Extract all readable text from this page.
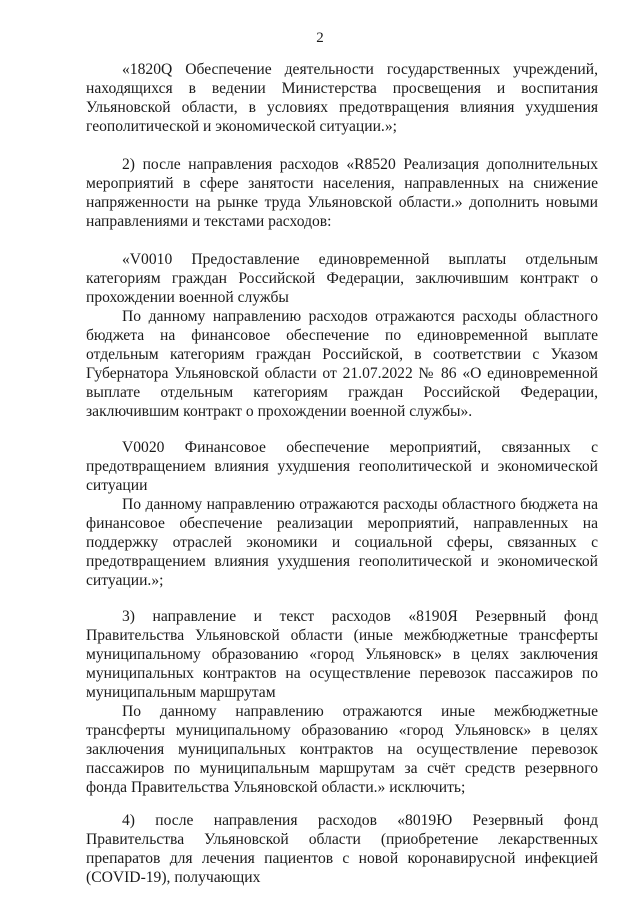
2

«1820Q Обеспечение деятельности государственных учреждений, находящихся в ведении Министерства просвещения и воспитания Ульяновской области, в условиях предотвращения влияния ухудшения геополитической и экономической ситуации.»;

2) после направления расходов «R8520 Реализация дополнительных мероприятий в сфере занятости населения, направленных на снижение напряженности на рынке труда Ульяновской области.» дополнить новыми направлениями и текстами расходов:

«V0010 Предоставление единовременной выплаты отдельным категориям граждан Российской Федерации, заключившим контракт о прохождении военной службы

По данному направлению расходов отражаются расходы областного бюджета на финансовое обеспечение по единовременной выплате отдельным категориям граждан Российской, в соответствии с Указом Губернатора Ульяновской области от 21.07.2022 № 86 «О единовременной выплате отдельным категориям граждан Российской Федерации, заключившим контракт о прохождении военной службы».

V0020 Финансовое обеспечение мероприятий, связанных с предотвращением влияния ухудшения геополитической и экономической ситуации

По данному направлению отражаются расходы областного бюджета на финансовое обеспечение реализации мероприятий, направленных на поддержку отраслей экономики и социальной сферы, связанных с предотвращением влияния ухудшения геополитической и экономической ситуации.»;

3) направление и текст расходов «8190Я Резервный фонд Правительства Ульяновской области (иные межбюджетные трансферты муниципальному образованию «город Ульяновск» в целях заключения муниципальных контрактов на осуществление перевозок пассажиров по муниципальным маршрутам

По данному направлению отражаются иные межбюджетные трансферты муниципальному образованию «город Ульяновск» в целях заключения муниципальных контрактов на осуществление перевозок пассажиров по муниципальным маршрутам за счёт средств резервного фонда Правительства Ульяновской области.» исключить;

4) после направления расходов «8019Ю Резервный фонд Правительства Ульяновской области (приобретение лекарственных препаратов для лечения пациентов с новой коронавирусной инфекцией (COVID-19), получающих
